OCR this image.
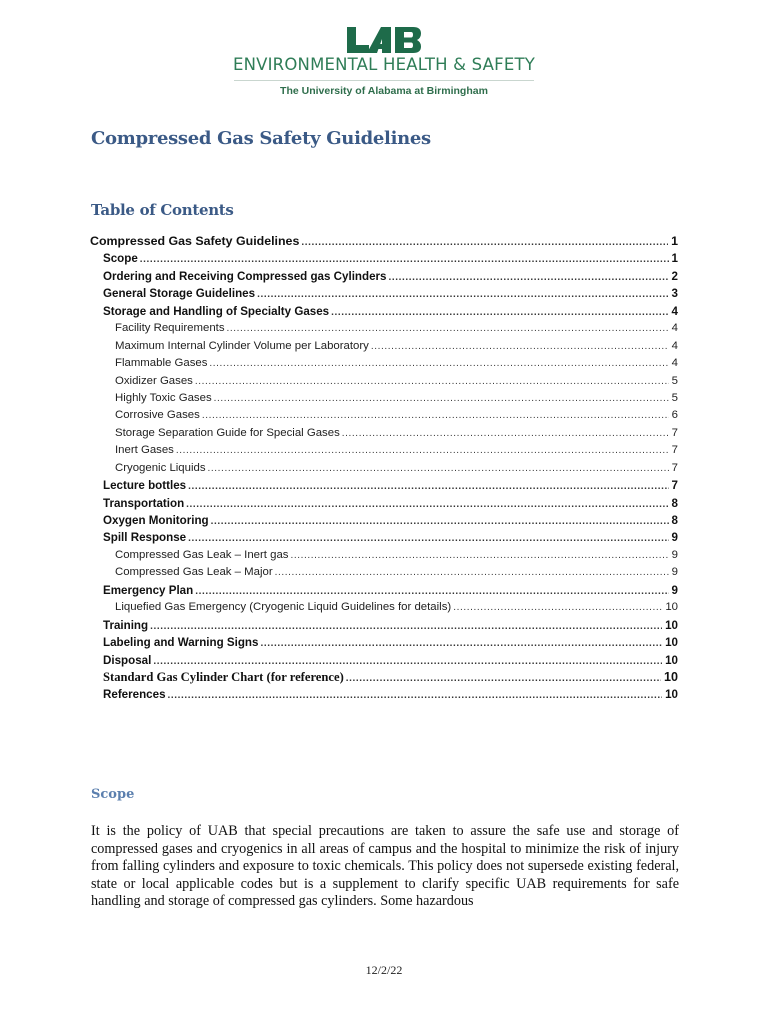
ENVIRONMENTAL HEALTH & SAFETY
The University of Alabama at Birmingham
Compressed Gas Safety Guidelines
Table of Contents
Compressed Gas Safety Guidelines .....	1
Scope .....	1
Ordering and Receiving Compressed gas Cylinders .....	2
General Storage Guidelines .....	3
Storage and Handling of Specialty Gases .....	4
Facility Requirements .....	4
Maximum Internal Cylinder Volume per Laboratory .....	4
Flammable Gases .....	4
Oxidizer Gases .....	5
Highly Toxic Gases .....	5
Corrosive Gases .....	6
Storage Separation Guide for Special Gases .....	7
Inert Gases .....	7
Cryogenic Liquids .....	7
Lecture bottles .....	7
Transportation .....	8
Oxygen Monitoring .....	8
Spill Response .....	9
Compressed Gas Leak – Inert gas .....	9
Compressed Gas Leak – Major .....	9
Emergency Plan .....	9
Liquefied Gas Emergency (Cryogenic Liquid Guidelines for details) .....	10
Training .....	10
Labeling and Warning Signs .....	10
Disposal .....	10
Standard Gas Cylinder Chart (for reference) .....	10
References .....	10
Scope

It is the policy of UAB that special precautions are taken to assure the safe use and storage of compressed gases and cryogenics in all areas of campus and the hospital to minimize the risk of injury from falling cylinders and exposure to toxic chemicals. This policy does not supersede existing federal, state or local applicable codes but is a supplement to clarify specific UAB requirements for safe handling and storage of compressed gas cylinders. Some hazardous

12/2/22
